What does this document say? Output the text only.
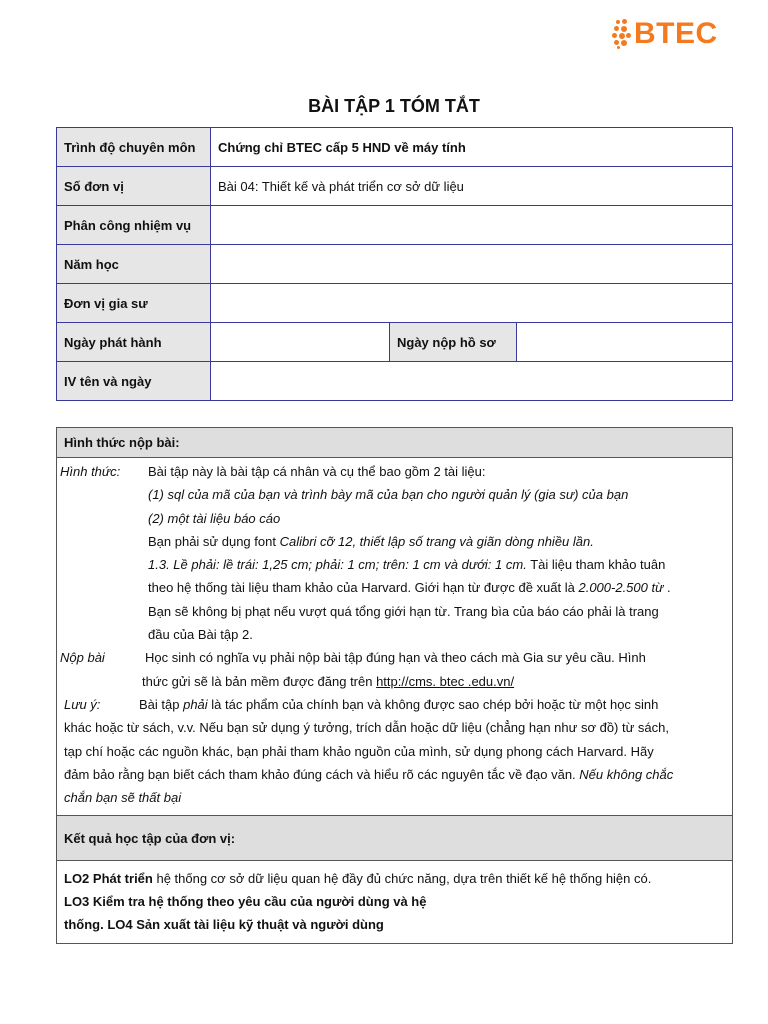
BTEC
BÀI TẬP 1 TÓM TẮT
Trình độ chuyên môn	Chứng chỉ BTEC cấp 5 HND về máy tính		
Số đơn vị	Bài 04: Thiết kế và phát triển cơ sở dữ liệu		
Phân công nhiệm vụ			
Năm học			
Đơn vị gia sư			
Ngày phát hành		Ngày nộp hồ sơ	
IV tên và ngày			
Hình thức nộp bài:

Hình thức: Bài tập này là bài tập cá nhân và cụ thể bao gồm 2 tài liệu:

(1) sql của mã của bạn và trình bày mã của bạn cho người quản lý (gia sư) của bạn

(2) một tài liệu báo cáo

Bạn phải sử dụng font Calibri cỡ 12, thiết lập số trang và giãn dòng nhiều lần.

1.3. Lề phải: lề trái: 1,25 cm; phải: 1 cm; trên: 1 cm và dưới: 1 cm. Tài liệu tham khảo tuân

theo hệ thống tài liệu tham khảo của Harvard. Giới hạn từ được đề xuất là 2.000-2.500 từ .

Bạn sẽ không bị phạt nếu vượt quá tổng giới hạn từ. Trang bìa của báo cáo phải là trang

đầu của Bài tập 2.

Nộp bài	Học sinh có nghĩa vụ phải nộp bài tập đúng hạn và theo cách mà Gia sư yêu cầu. Hình

thức gửi sẽ là bản mềm được đăng trên http://cms. btec .edu.vn/

Lưu ý:	Bài tập phải là tác phẩm của chính bạn và không được sao chép bởi hoặc từ một học sinh

khác hoặc từ sách, v.v. Nếu bạn sử dụng ý tưởng, trích dẫn hoặc dữ liệu (chẳng hạn như sơ đồ) từ sách,

tạp chí hoặc các nguồn khác, bạn phải tham khảo nguồn của mình, sử dụng phong cách Harvard. Hãy

đảm bảo rằng bạn biết cách tham khảo đúng cách và hiểu rõ các nguyên tắc về đạo văn. Nếu không chắc

chắn bạn sẽ thất bại

Kết quả học tập của đơn vị:

LO2 Phát triển hệ thống cơ sở dữ liệu quan hệ đầy đủ chức năng, dựa trên thiết kế hệ thống hiện có.

LO3 Kiểm tra hệ thống theo yêu cầu của người dùng và hệ

thống. LO4 Sản xuất tài liệu kỹ thuật và người dùng
